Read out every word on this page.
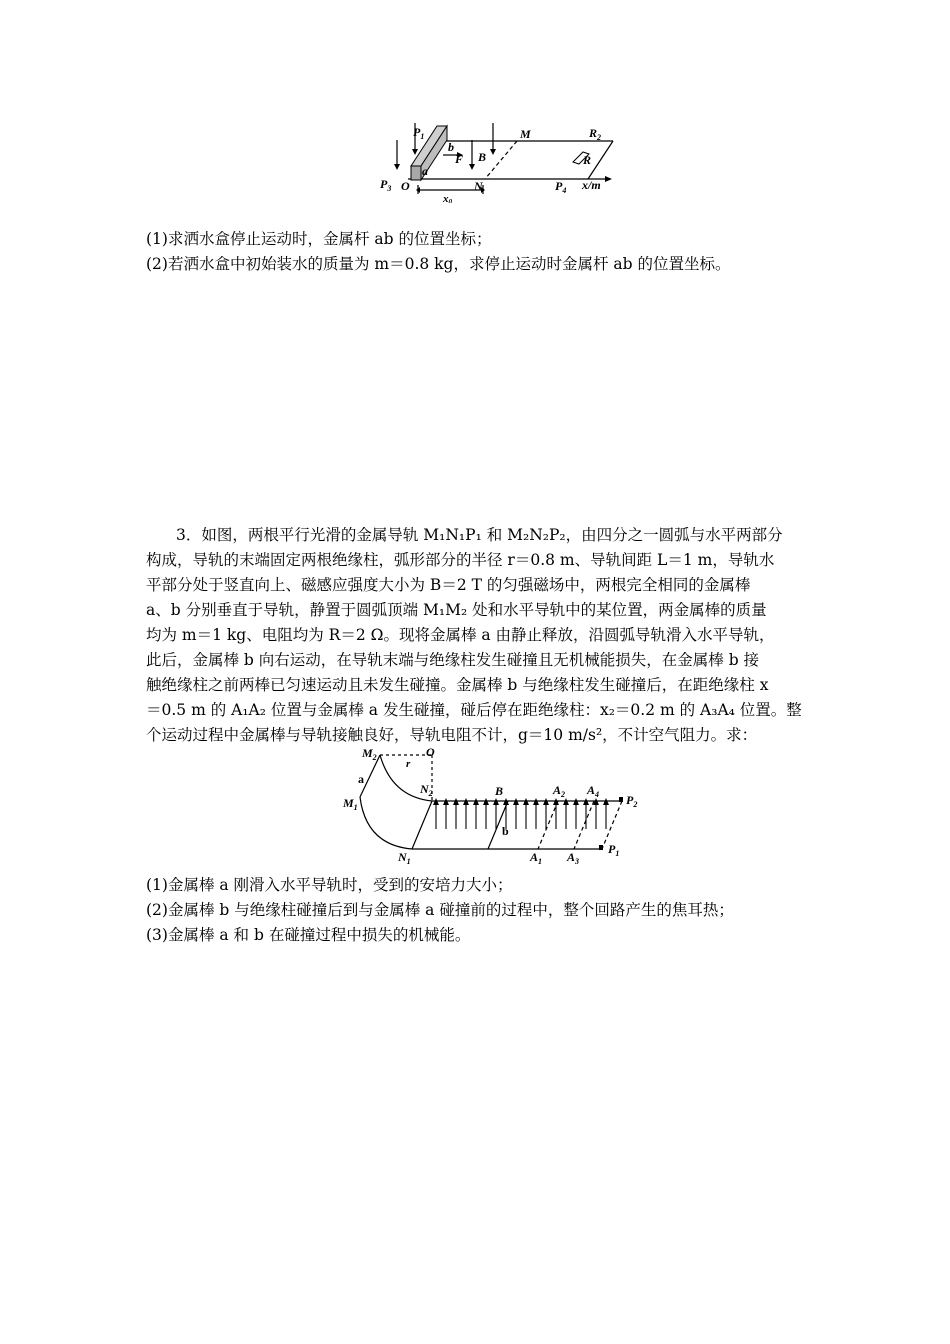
$P_1$	M	$R_2$
b
F B	R
$P_3$ O
a
N	$P_4$ x/m
x0
(1)求洒水盒停止运动时，金属杆 ab 的位置坐标；
(2)若洒水盒中初始装水的质量为 m＝0.8 kg，求停止运动时金属杆 ab 的位置坐标。
3．如图，两根平行光滑的金属导轨 M₁N₁P₁ 和 M₂N₂P₂，由四分之一圆弧与水平两部分
构成，导轨的末端固定两根绝缘柱，弧形部分的半径 r＝0.8 m、导轨间距 L＝1 m，导轨水
平部分处于竖直向上、磁感应强度大小为 B＝2 T 的匀强磁场中，两根完全相同的金属棒
a、b 分别垂直于导轨，静置于圆弧顶端 M₁M₂ 处和水平导轨中的某位置，两金属棒的质量
均为 m＝1 kg、电阻均为 R＝2 Ω。现将金属棒 a 由静止释放，沿圆弧导轨滑入水平导轨，
此后，金属棒 b 向右运动，在导轨末端与绝缘柱发生碰撞且无机械能损失，在金属棒 b 接
触绝缘柱之前两棒已匀速运动且未发生碰撞。金属棒 b 与绝缘柱发生碰撞后，在距绝缘柱 x
＝0.5 m 的 A₁A₂ 位置与金属棒 a 发生碰撞，碰后停在距绝缘柱：x₂＝0.2 m 的 A₃A₄ 位置。整
个运动过程中金属棒与导轨接触良好，导轨电阻不计，g＝10 m/s²，不计空气阻力。求：
$M_2$	O
r
a
$M_1$
$N_2$	B	$A_2$ $A_4$ $P_2$
b
$N_1$	$A_1$ $A_3$
$P_1$
(1)金属棒 a 刚滑入水平导轨时，受到的安培力大小；
(2)金属棒 b 与绝缘柱碰撞后到与金属棒 a 碰撞前的过程中，整个回路产生的焦耳热；
(3)金属棒 a 和 b 在碰撞过程中损失的机械能。
